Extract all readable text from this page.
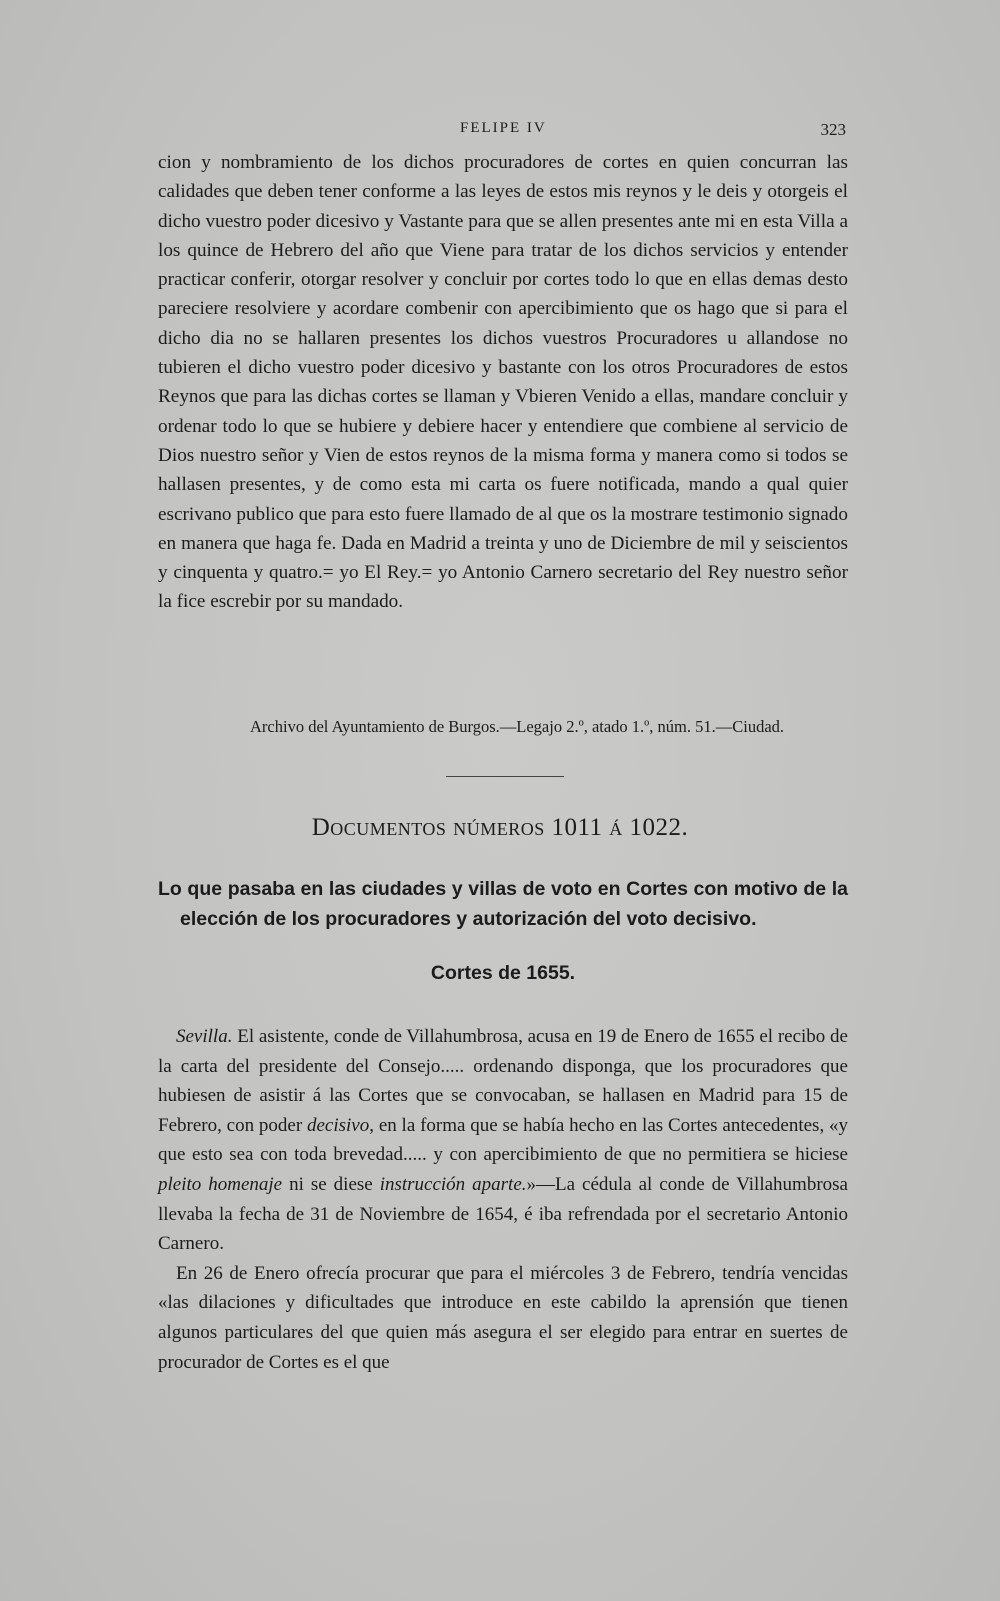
FELIPE IV	323

cion y nombramiento de los dichos procuradores de cortes en quien concurran las calidades que deben tener conforme a las leyes de estos mis reynos y le deis y otorgeis el dicho vuestro poder dicesivo y Vastante para que se allen presentes ante mi en esta Villa a los quince de Hebrero del año que Viene para tratar de los dichos servicios y entender practicar conferir, otorgar resolver y concluir por cortes todo lo que en ellas demas desto pareciere resolviere y acordare combenir con apercibimiento que os hago que si para el dicho dia no se hallaren presentes los dichos vuestros Procuradores u allandose no tubieren el dicho vuestro poder dicesivo y bastante con los otros Procuradores de estos Reynos que para las dichas cortes se llaman y Vbieren Venido a ellas, mandare concluir y ordenar todo lo que se hubiere y debiere hacer y entendiere que combiene al servicio de Dios nuestro señor y Vien de estos reynos de la misma forma y manera como si todos se hallasen presentes, y de como esta mi carta os fuere notificada, mando a qual quier escrivano publico que para esto fuere llamado de al que os la mostrare testimonio signado en manera que haga fe. Dada en Madrid a treinta y uno de Diciembre de mil y seiscientos y cinquenta y quatro.= yo El Rey.= yo Antonio Carnero secretario del Rey nuestro señor la fice escrebir por su mandado.

Archivo del Ayuntamiento de Burgos.—Legajo 2.º, atado 1.º, núm. 51.—Ciudad.
Documentos números 1011 á 1022.

Lo que pasaba en las ciudades y villas de voto en Cortes con motivo de la elección de los procuradores y autorización del voto decisivo.

Cortes de 1655.

Sevilla. El asistente, conde de Villahumbrosa, acusa en 19 de Enero de 1655 el recibo de la carta del presidente del Consejo..... ordenando disponga, que los procuradores que hubiesen de asistir á las Cortes que se convocaban, se hallasen en Madrid para 15 de Febrero, con poder decisivo, en la forma que se había hecho en las Cortes antecedentes, «y que esto sea con toda brevedad..... y con apercibimiento de que no permitiera se hiciese pleito homenaje ni se diese instrucción aparte.»—La cédula al conde de Villahumbrosa llevaba la fecha de 31 de Noviembre de 1654, é iba refrendada por el secretario Antonio Carnero.

En 26 de Enero ofrecía procurar que para el miércoles 3 de Febrero, tendría vencidas «las dilaciones y dificultades que introduce en este cabildo la aprensión que tienen algunos particulares del que quien más asegura el ser elegido para entrar en suertes de procurador de Cortes es el que
